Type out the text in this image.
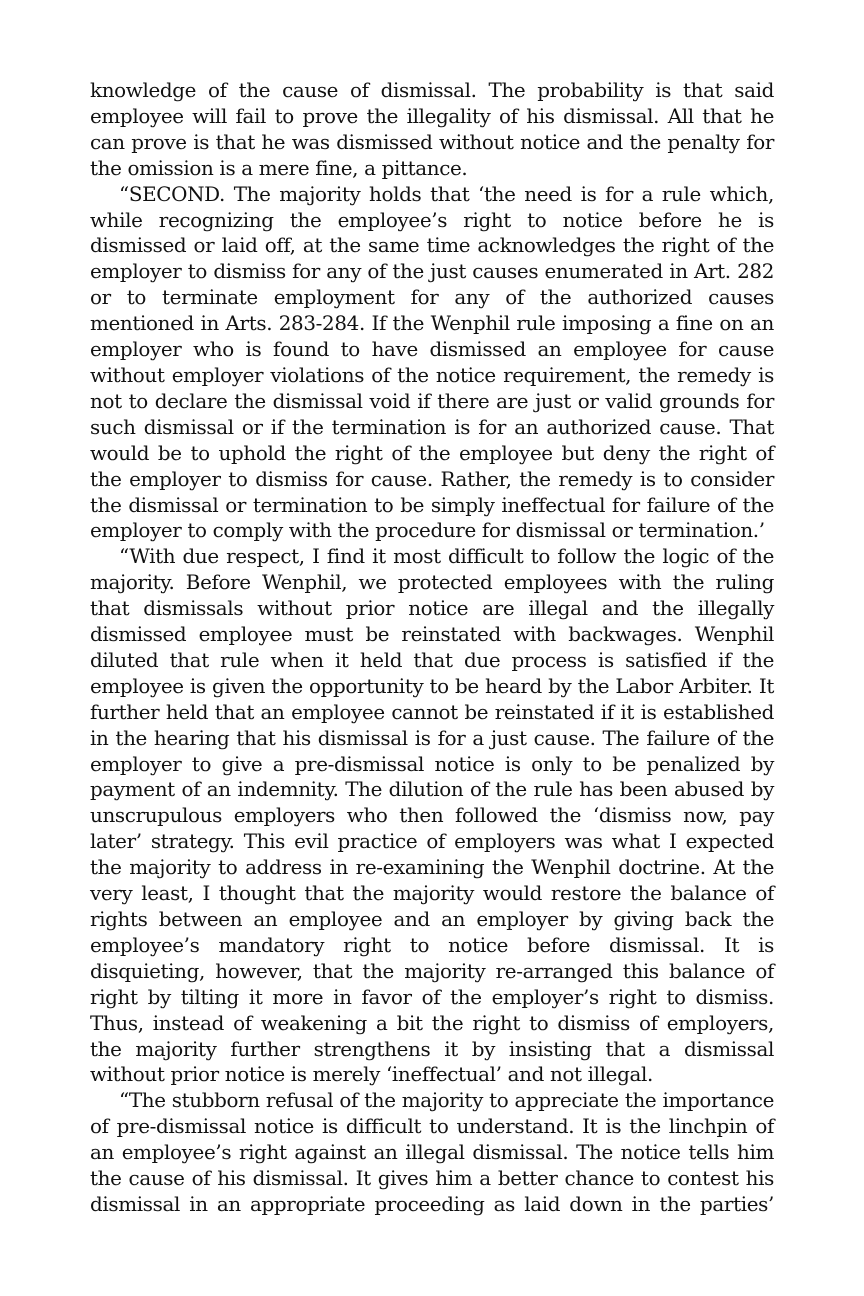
knowledge of the cause of dismissal. The probability is that said employee will fail to prove the illegality of his dismissal. All that he can prove is that he was dismissed without notice and the penalty for the omission is a mere fine, a pittance.

“SECOND. The majority holds that ‘the need is for a rule which, while recognizing the employee’s right to notice before he is dismissed or laid off, at the same time acknowledges the right of the employer to dismiss for any of the just causes enumerated in Art. 282 or to terminate employment for any of the authorized causes mentioned in Arts. 283-284. If the Wenphil rule imposing a fine on an employer who is found to have dismissed an employee for cause without employer violations of the notice requirement, the remedy is not to declare the dismissal void if there are just or valid grounds for such dismissal or if the termination is for an authorized cause. That would be to uphold the right of the employee but deny the right of the employer to dismiss for cause. Rather, the remedy is to consider the dismissal or termination to be simply ineffectual for failure of the employer to comply with the procedure for dismissal or termination.’

“With due respect, I find it most difficult to follow the logic of the majority. Before Wenphil, we protected employees with the ruling that dismissals without prior notice are illegal and the illegally dismissed employee must be reinstated with backwages. Wenphil diluted that rule when it held that due process is satisfied if the employee is given the opportunity to be heard by the Labor Arbiter. It further held that an employee cannot be reinstated if it is established in the hearing that his dismissal is for a just cause. The failure of the employer to give a pre-dismissal notice is only to be penalized by payment of an indemnity. The dilution of the rule has been abused by unscrupulous employers who then followed the ‘dismiss now, pay later’ strategy. This evil practice of employers was what I expected the majority to address in re-examining the Wenphil doctrine. At the very least, I thought that the majority would restore the balance of rights between an employee and an employer by giving back the employee’s mandatory right to notice before dismissal. It is disquieting, however, that the majority re-arranged this balance of right by tilting it more in favor of the employer’s right to dismiss. Thus, instead of weakening a bit the right to dismiss of employers, the majority further strengthens it by insisting that a dismissal without prior notice is merely ‘ineffectual’ and not illegal.

“The stubborn refusal of the majority to appreciate the importance of pre-dismissal notice is difficult to understand. It is the linchpin of an employee’s right against an illegal dismissal. The notice tells him the cause of his dismissal. It gives him a better chance to contest his dismissal in an appropriate proceeding as laid down in the parties’
